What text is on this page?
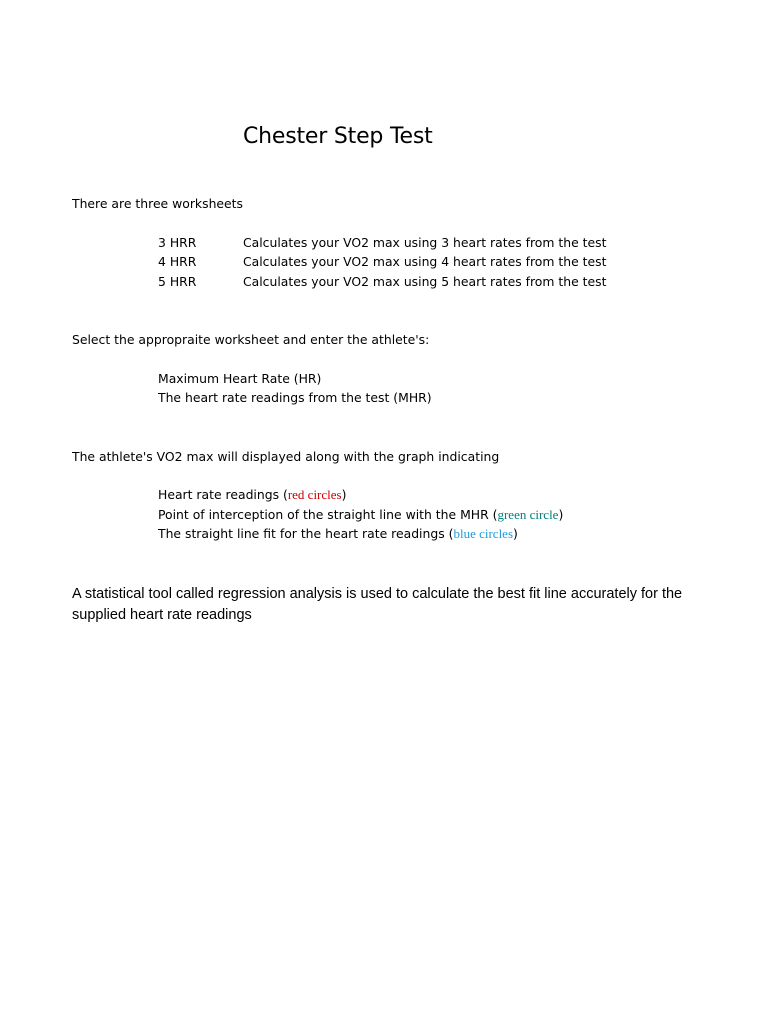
Chester Step Test
There are three worksheets
3 HRR	Calculates your VO2 max using 3 heart rates from the test
4 HRR	Calculates your VO2 max using 4 heart rates from the test
5 HRR	Calculates your VO2 max using 5 heart rates from the test
Select the appropraite worksheet and enter the athlete's:
Maximum Heart Rate (HR)
The heart rate readings from the test (MHR)
The athlete's VO2 max will displayed along with the graph indicating
Heart rate readings (red circles)
Point of interception of the straight line with the MHR (green circle)
The straight line fit for the heart rate readings (blue circles)
A statistical tool called regression analysis is used to calculate the best fit line accurately for the supplied heart rate readings
